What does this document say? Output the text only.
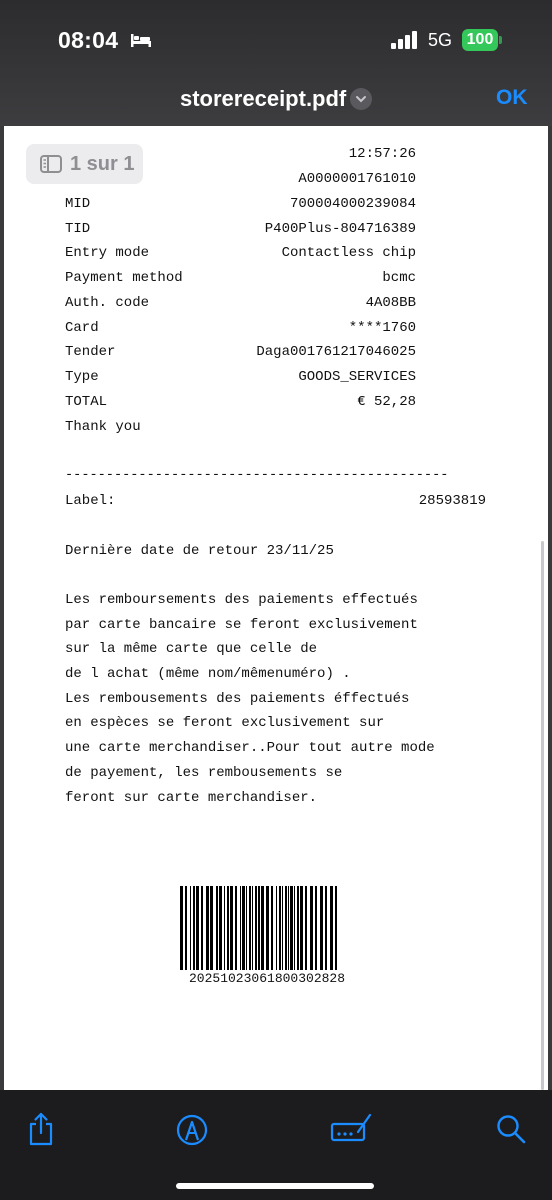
08:04	5G 100
storereceipt.pdf	OK
1 sur 1	12:57:26
A0000001761010
MID	700004000239084
TID	P400Plus-804716389
Entry mode	Contactless chip
Payment method	bcmc
Auth. code	4A08BB
Card	****1760
Tender	Daga001761217046025
Type	GOODS_SERVICES
TOTAL	€ 52,28
Thank you
-----------------------------------------------
Label:	28593819
Dernière date de retour 23/11/25
Les remboursements des paiements effectués
par carte bancaire se feront exclusivement
sur la même carte que celle de
de l achat (même nom/mêmenuméro) .
Les rembousements des paiements éffectués
en espèces se feront exclusivement sur
une carte merchandiser..Pour tout autre mode
de payement, les rembousements se
feront sur carte merchandiser.
20251023061800302828
